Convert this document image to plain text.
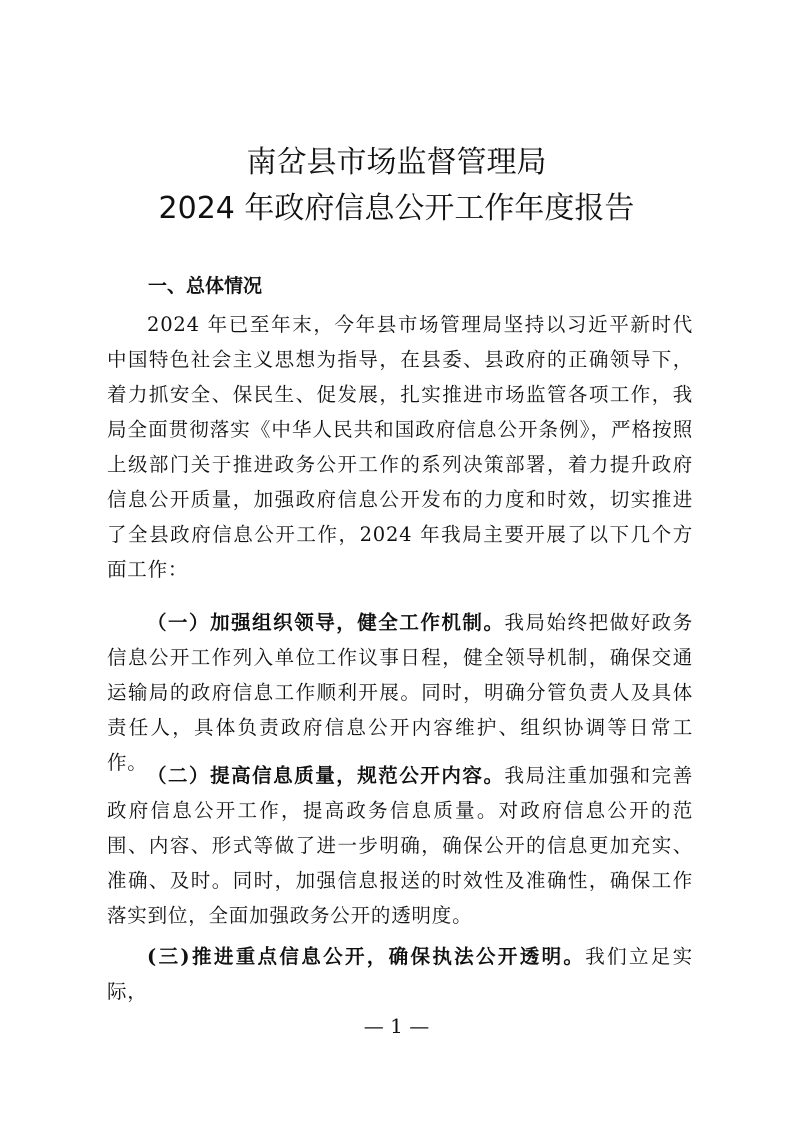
南岔县市场监督管理局
2024 年政府信息公开工作年度报告
一、总体情况
2024 年已至年末，今年县市场管理局坚持以习近平新时代中国特色社会主义思想为指导，在县委、县政府的正确领导下，着力抓安全、保民生、促发展，扎实推进市场监管各项工作，我局全面贯彻落实《中华人民共和国政府信息公开条例》，严格按照上级部门关于推进政务公开工作的系列决策部署，着力提升政府信息公开质量，加强政府信息公开发布的力度和时效，切实推进了全县政府信息公开工作，2024 年我局主要开展了以下几个方面工作：
（一）加强组织领导，健全工作机制。我局始终把做好政务信息公开工作列入单位工作议事日程，健全领导机制，确保交通运输局的政府信息工作顺利开展。同时，明确分管负责人及具体责任人，具体负责政府信息公开内容维护、组织协调等日常工作。
（二）提高信息质量，规范公开内容。我局注重加强和完善政府信息公开工作，提高政务信息质量。对政府信息公开的范围、内容、形式等做了进一步明确，确保公开的信息更加充实、准确、及时。同时，加强信息报送的时效性及准确性，确保工作落实到位，全面加强政务公开的透明度。
(三)推进重点信息公开，确保执法公开透明。我们立足实际，
— 1 —
